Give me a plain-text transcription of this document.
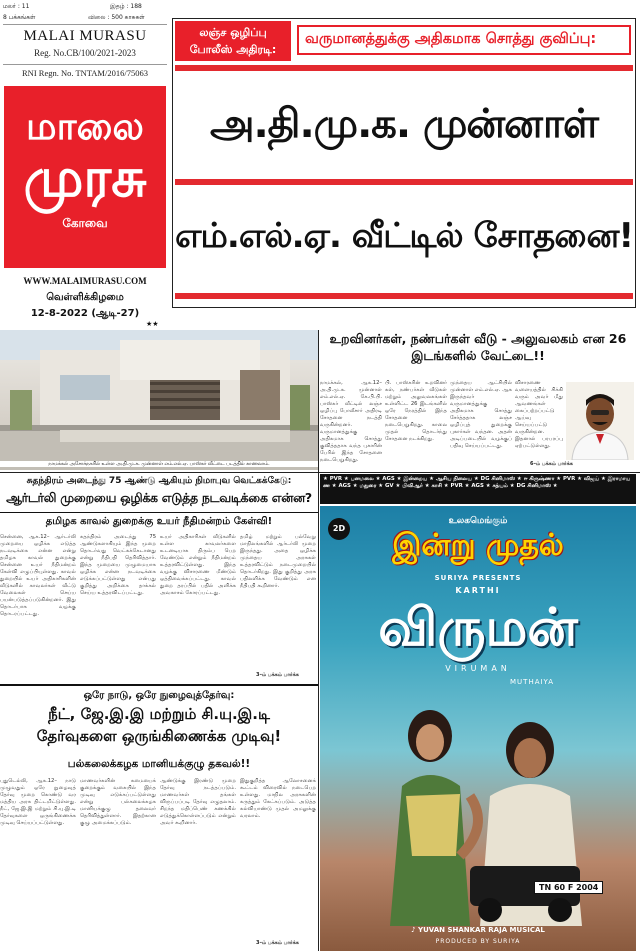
மலர் : 11	இதழ் : 188
8 பக்கங்கள்	விலை : 500 காசுகள்
MALAI MURASU
Reg. No.CB/100/2021-2023
RNI Regn. No. TNTAM/2016/75063
மாலை
முரசு
கோவை
WWW.MALAIMURASU.COM
வெள்ளிக்கிழமை
12-8-2022 (ஆடி-27)
★★
லஞ்ச ஒழிப்பு போலீஸ் அதிரடி:
வருமானத்துக்கு அதிகமாக சொத்து குவிப்பு:
அ.தி.மு.க. முன்னாள்
எம்.எல்.ஏ. வீட்டில் சோதனை!
நாமக்கல் அசோக்நகரில் உள்ள அ.தி.மு.க. முன்னாள் எம்.எல்.ஏ. பாஸ்கர் வீட்டை படத்தில் காணலாம்.
உறவினர்கள், நண்பர்கள் வீடு - அலுவலகம் என 26 இடங்களில் வேட்டை!!
நாமக்கல், ஆக.12– அ.தி.மு.க. முன்னாள் எம்.எல்.ஏ. கே.பி.பி. பாஸ்கர் வீட்டில் லஞ்ச ஒழிப்பு போலீசார் அதிரடி சோதனை நடத்தி வருகின்றனர். வருமானத்துக்கு அதிகமாக சொத்து குவித்ததாக வந்த புகாரின் பேரில் இந்த சோதனை நடைபெறுகிறது.
பி. பாஸ்கரின் உறவினர் கள், நண்பர்கள் வீடுகள் மற்றும் அலுவலகங்கள் உள்ளிட்ட 26 இடங்களில் ஒரே நேரத்தில் இந்த சோதனை நடைபெறுகிறது. காலை முதல் தொடர்ந்து சோதனை நடக்கிறது.
முந்தைய ஆட்சியில் முன்னாள் எம்.எல்.ஏ. ஆக இருந்தவர் வருமானத்துக்கு அதிகமாக சொத்து சேர்த்ததாக லஞ்ச ஒழிப்புத் துறைக்கு புகார்கள் வந்தன. அதன் அடிப்படையில் வழக்குப் பதிவு செய்யப்பட்டது.
விசாரணை வளையத்தில் சிக்கி வரும் அவர் மீது ஆவணங்கள் கைப்பற்றப்பட்டு ஆய்வு செய்யப்பட்டு வருகின்றன. இதனால் பரபரப்பு ஏற்பட்டுள்ளது.
6–ம் பக்கம் பார்க்க
★ PVR ★ பனமலை ★ AGS ★ இன்றைய ★ ஆசிய நிலைய ★ DG சினிமாஸ் ★ ஈ கிருஷ்ணா ★ PVR ★ விஜய் ★ இராமாயண ★ AGS ★ மதுரை ★ GV ★ பிவிஆர் ★ காசி ★ PVR ★ AGS ★ சத்யம் ★ DG சினிமாஸ் ★
சுதந்திரம் அடைந்து 75 ஆண்டு ஆகியும் நிமாபுவ வெட்கக்கேடு:
ஆர்டர்லி முறையை ஒழிக்க எடுத்த நடவடிக்கை என்ன?
தமிழக காவல் துறைக்கு உயர் நீதிமன்றம் கேள்வி!
சென்னை, ஆக.12– ஆர்டர்லி முறையை ஒழிக்க எடுத்த நடவடிக்கை என்ன என்று தமிழக காவல் துறைக்கு சென்னை உயர் நீதிமன்றம் கேள்வி எழுப்பியுள்ளது. காவல் துறையில் உயர் அதிகாரிகளின் வீடுகளில் காவலர்கள் வீட்டு வேலைகள் செய்ய பயன்படுத்தப்படுகின்றனர். இது தொடர்பாக வழக்கு தொடரப்பட்டது.
சுதந்திரம் அடைந்து 75 ஆண்டுகளாகியும் இந்த முறை தொடர்வது வெட்கக்கேடானது என்று நீதிபதி தெரிவித்தார். இந்த முறையை முழுமையாக ஒழிக்க என்ன நடவடிக்கை எடுக்கப்பட்டுள்ளது என்பது குறித்து அறிக்கை தாக்கல் செய்ய உத்தரவிடப்பட்டது.
உயர் அதிகாரிகள் வீடுகளில் உள்ள காவலர்களை உடனடியாக திரும்ப பெற வேண்டும் என்றும் நீதிமன்றம் உத்தரவிட்டுள்ளது. இந்த வழக்கு விசாரணை மீண்டும் ஒத்திவைக்கப்பட்டது. காவல் துறை தரப்பில் பதில் அளிக்க அவகாசம் கோரப்பட்டது.
தமிழ் மற்றும் பல்வேறு மாநிலங்களில் ஆர்டர்லி முறை இருந்தது. அதை ஒழிக்க முந்தைய அரசுகள் உத்தரவிட்டும் நடைமுறையில் தொடர்கிறது. இது குறித்து அரசு பதிலளிக்க வேண்டும் என நீதிபதி கூறினார்.
3–ம் பக்கம் பார்க்க
ஒரே நாடு, ஒரே நுழைவுத்தேர்வு:
நீட், ஜே.இ.இ மற்றும் சி.யு.இ.டி
தேர்வுகளை ஒருங்கிணைக்க முடிவு!
பல்கலைக்கழக மானியக்குழு தகவல்!!
புதுடெல்லி, ஆக.12– நாடு முழுவதும் ஒரே நுழைவுத் தேர்வு முறை கொண்டு வர மத்திய அரசு திட்டமிட்டுள்ளது. நீட், ஜே.இ.இ மற்றும் சி.யு.இ.டி தேர்வுகளை ஒருங்கிணைக்க முடிவு செய்யப்பட்டுள்ளது.
மாணவர்களின் சுமையைக் குறைக்கும் வகையில் இந்த முடிவு எடுக்கப்பட்டுள்ளது என்று பல்கலைக்கழக மானியக்குழு தலைவர் தெரிவித்துள்ளார். இதற்கான குழு அமைக்கப்படும்.
ஆண்டுக்கு இரண்டு முறை தேர்வு நடத்தப்படும். மாணவர்கள் தங்கள் விருப்பப்படி தேர்வு எழுதலாம். சிறந்த மதிப்பெண் கணக்கில் எடுத்துக்கொள்ளப்படும் என்றும் அவர் கூறினார்.
இதுகுறித்த ஆலோசனைக் கூட்டம் விரைவில் நடைபெற உள்ளது. மாநில அரசுகளின் கருத்தும் கேட்கப்படும். அடுத்த கல்வியாண்டு முதல் அமலுக்கு வரலாம்.
3–ம் பக்கம் பார்க்க
2D
உலகமெங்கும்
இன்று முதல்
SURIYA PRESENTS
KARTHI
விருமன்
VIRUMAN
MUTHAIYA
TN 60 F 2004
♪ YUVAN SHANKAR RAJA MUSICAL
PRODUCED BY SURIYA
